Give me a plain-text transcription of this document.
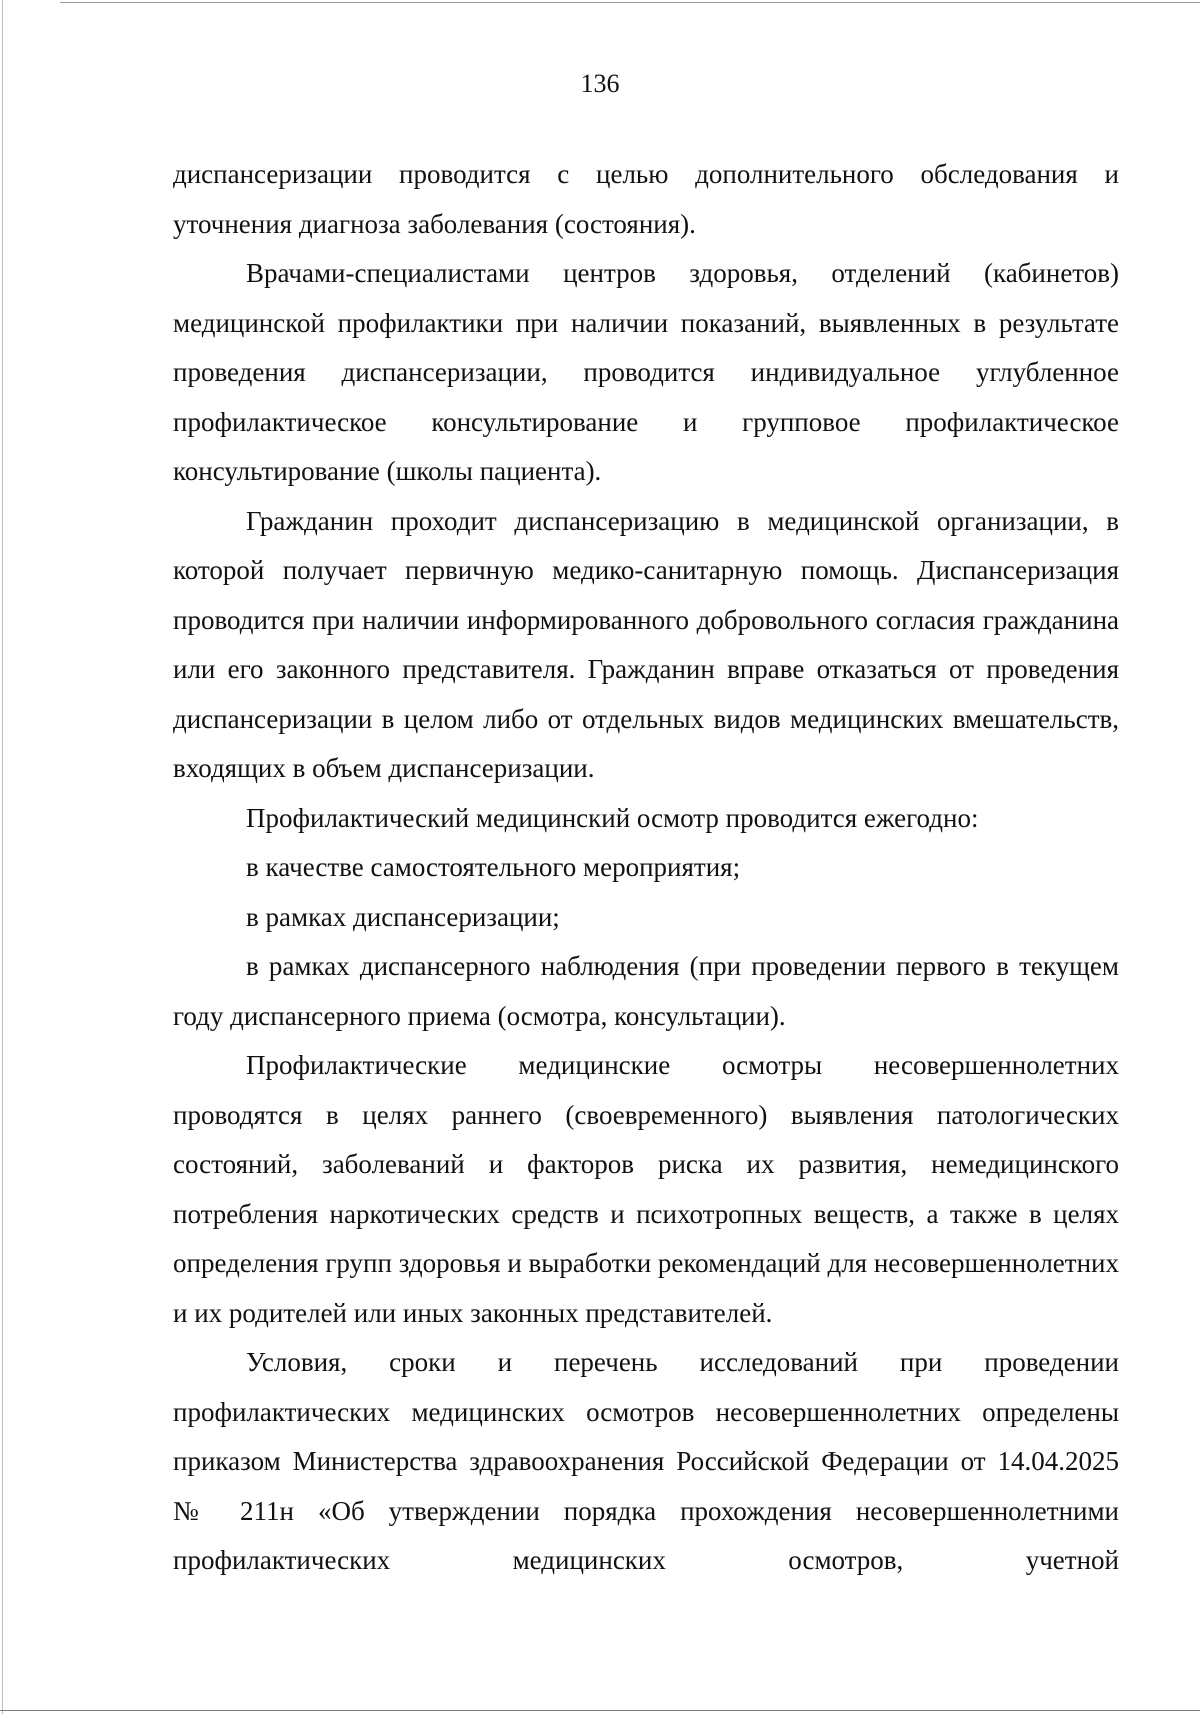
136

диспансеризации проводится с целью дополнительного обследования и уточнения диагноза заболевания (состояния).

Врачами-специалистами центров здоровья, отделений (кабинетов) медицинской профилактики при наличии показаний, выявленных в результате проведения диспансеризации, проводится индивидуальное углубленное профилактическое консультирование и групповое профилактическое консультирование (школы пациента).

Гражданин проходит диспансеризацию в медицинской организации, в которой получает первичную медико-санитарную помощь. Диспансеризация проводится при наличии информированного добровольного согласия гражданина или его законного представителя. Гражданин вправе отказаться от проведения диспансеризации в целом либо от отдельных видов медицинских вмешательств, входящих в объем диспансеризации.

Профилактический медицинский осмотр проводится ежегодно:

в качестве самостоятельного мероприятия;

в рамках диспансеризации;

в рамках диспансерного наблюдения (при проведении первого в текущем году диспансерного приема (осмотра, консультации).

Профилактические медицинские осмотры несовершеннолетних проводятся в целях раннего (своевременного) выявления патологических состояний, заболеваний и факторов риска их развития, немедицинского потребления наркотических средств и психотропных веществ, а также в целях определения групп здоровья и выработки рекомендаций для несовершеннолетних и их родителей или иных законных представителей.

Условия, сроки и перечень исследований при проведении профилактических медицинских осмотров несовершеннолетних определены приказом Министерства здравоохранения Российской Федерации от 14.04.2025 № 211н «Об утверждении порядка прохождения несовершеннолетними профилактических медицинских осмотров, учетной
